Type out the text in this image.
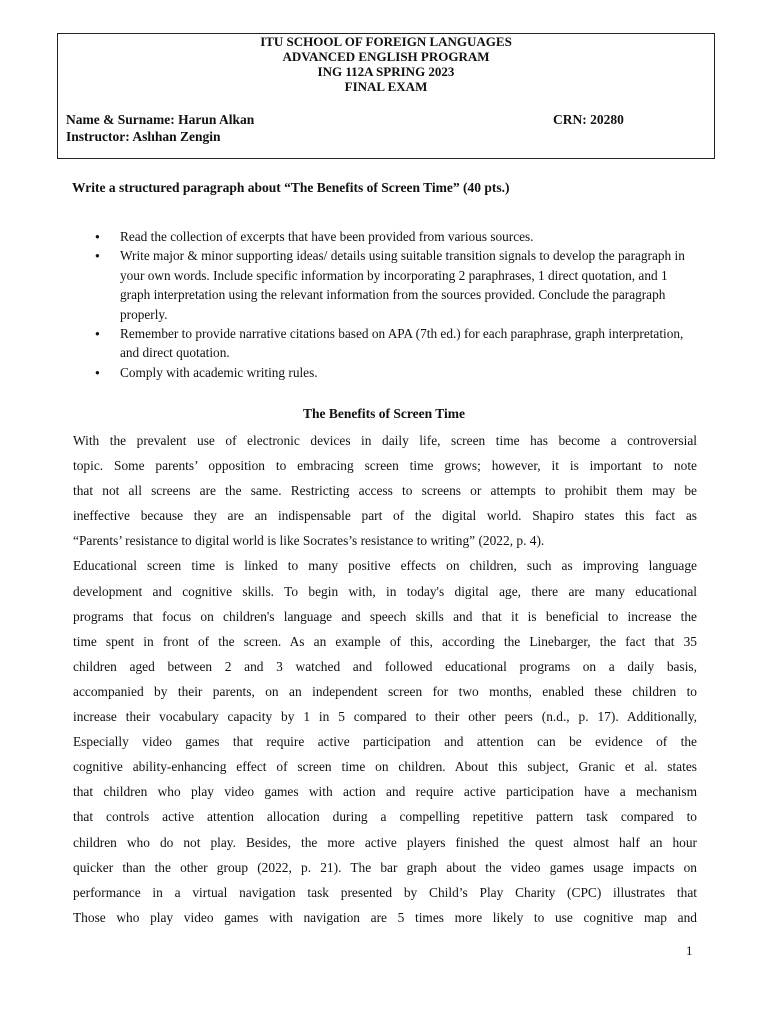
ITU SCHOOL OF FOREIGN LANGUAGES
ADVANCED ENGLISH PROGRAM
ING 112A SPRING 2023
FINAL EXAM
Name & Surname: Harun Alkan
Instructor: Aslıhan Zengin
CRN: 20280
Write a structured paragraph about “The Benefits of Screen Time” (40 pts.)
● Read the collection of excerpts that have been provided from various sources.
● Write major & minor supporting ideas/ details using suitable transition signals to develop the paragraph in your own words. Include specific information by incorporating 2 paraphrases, 1 direct quotation, and 1 graph interpretation using the relevant information from the sources provided. Conclude the paragraph properly.
● Remember to provide narrative citations based on APA (7th ed.) for each paraphrase, graph interpretation, and direct quotation.
● Comply with academic writing rules.
The Benefits of Screen Time
With the prevalent use of electronic devices in daily life, screen time has become a controversial
topic. Some parents’ opposition to embracing screen time grows; however, it is important to note
that not all screens are the same. Restricting access to screens or attempts to prohibit them may be
ineffective because they are an indispensable part of the digital world. Shapiro states this fact as
“Parents’ resistance to digital world is like Socrates’s resistance to writing” (2022, p. 4).
Educational screen time is linked to many positive effects on children, such as improving language
development and cognitive skills. To begin with, in today's digital age, there are many educational
programs that focus on children's language and speech skills and that it is beneficial to increase the
time spent in front of the screen. As an example of this, according the Linebarger, the fact that 35
children aged between 2 and 3 watched and followed educational programs on a daily basis,
accompanied by their parents, on an independent screen for two months, enabled these children to
increase their vocabulary capacity by 1 in 5 compared to their other peers (n.d., p. 17). Additionally,
Especially video games that require active participation and attention can be evidence of the
cognitive ability-enhancing effect of screen time on children. About this subject, Granic et al. states
that children who play video games with action and require active participation have a mechanism
that controls active attention allocation during a compelling repetitive pattern task compared to
children who do not play. Besides, the more active players finished the quest almost half an hour
quicker than the other group (2022, p. 21). The bar graph about the video games usage impacts on
performance in a virtual navigation task presented by Child’s Play Charity (CPC) illustrates that
Those who play video games with navigation are 5 times more likely to use cognitive map and
1
